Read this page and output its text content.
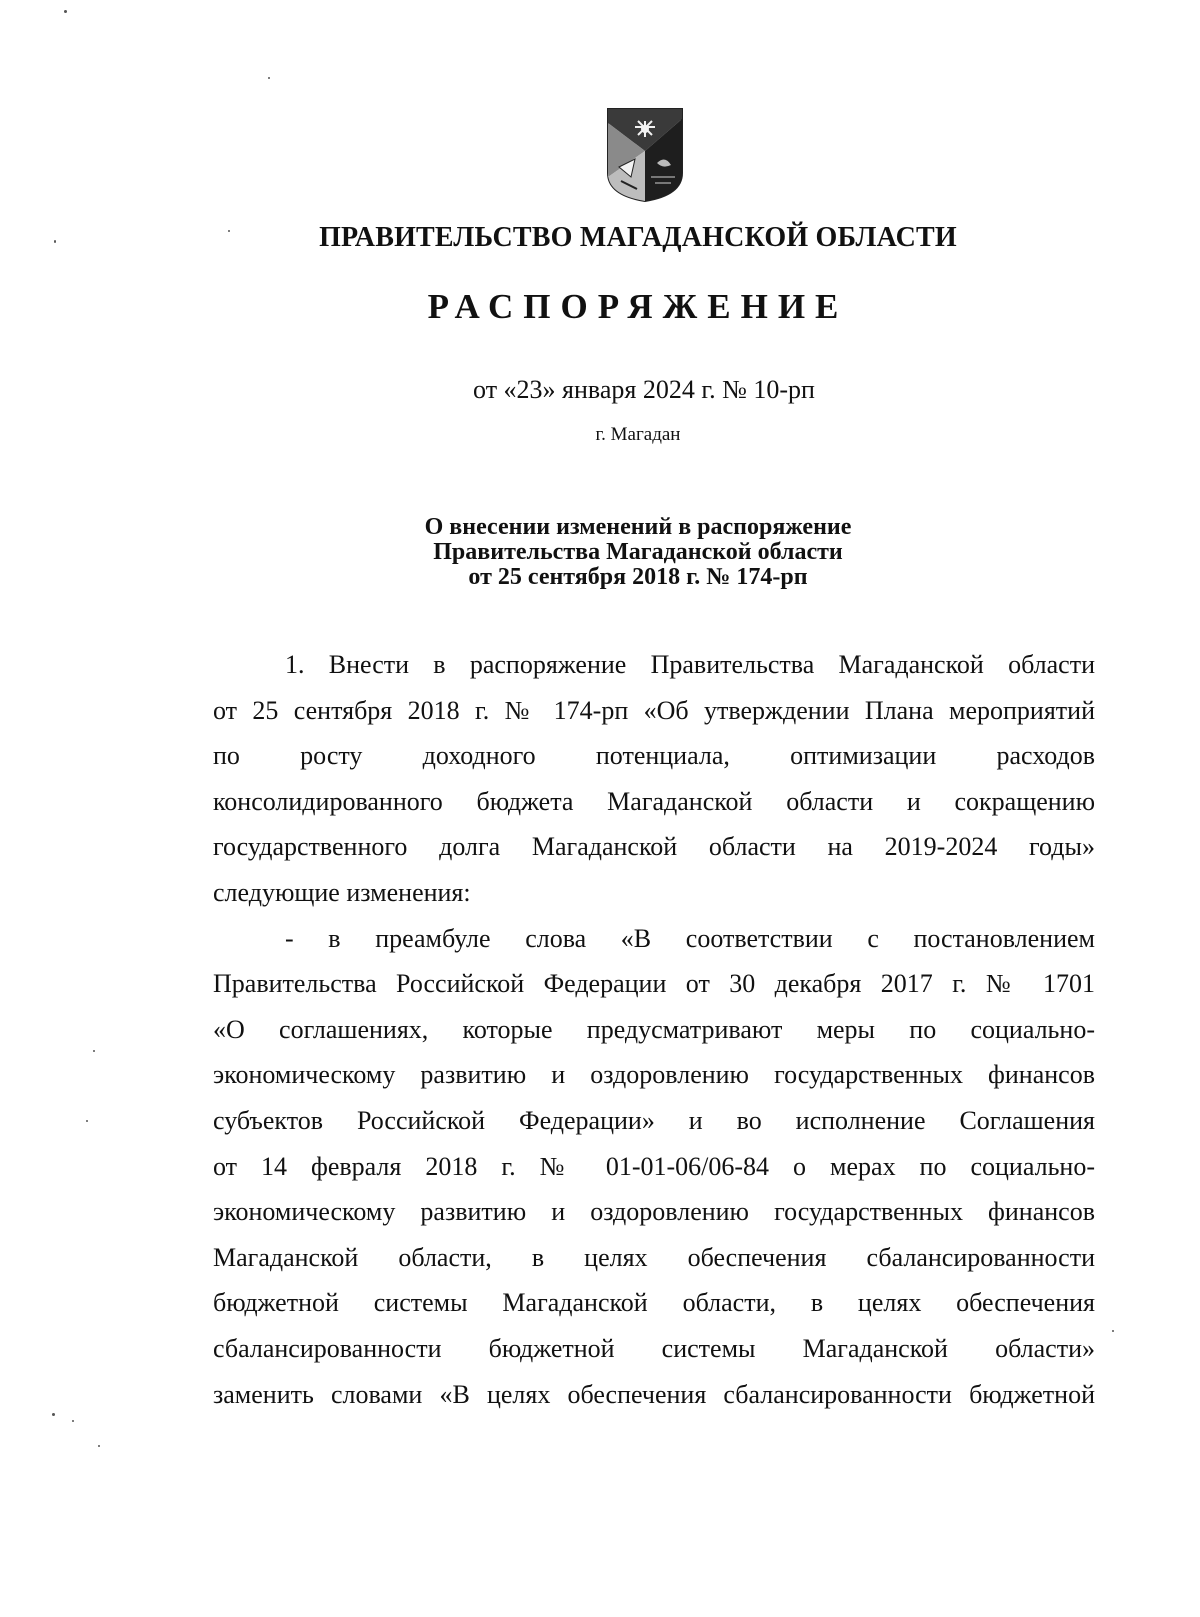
ПРАВИТЕЛЬСТВО МАГАДАНСКОЙ ОБЛАСТИ
РАСПОРЯЖЕНИЕ
от «23» января 2024 г. № 10-рп
г. Магадан
О внесении изменений в распоряжение
Правительства Магаданской области
от 25 сентября 2018 г. № 174-рп
1. Внести в распоряжение Правительства Магаданской области
от 25 сентября 2018 г. № 174-рп «Об утверждении Плана мероприятий
по росту доходного потенциала, оптимизации расходов
консолидированного бюджета Магаданской области и сокращению
государственного долга Магаданской области на 2019-2024 годы»
следующие изменения:
- в преамбуле слова «В соответствии с постановлением
Правительства Российской Федерации от 30 декабря 2017 г. № 1701
«О соглашениях, которые предусматривают меры по социально-
экономическому развитию и оздоровлению государственных финансов
субъектов Российской Федерации» и во исполнение Соглашения
от 14 февраля 2018 г. № 01-01-06/06-84 о мерах по социально-
экономическому развитию и оздоровлению государственных финансов
Магаданской области, в целях обеспечения сбалансированности
бюджетной системы Магаданской области, в целях обеспечения
сбалансированности бюджетной системы Магаданской области»
заменить словами «В целях обеспечения сбалансированности бюджетной
